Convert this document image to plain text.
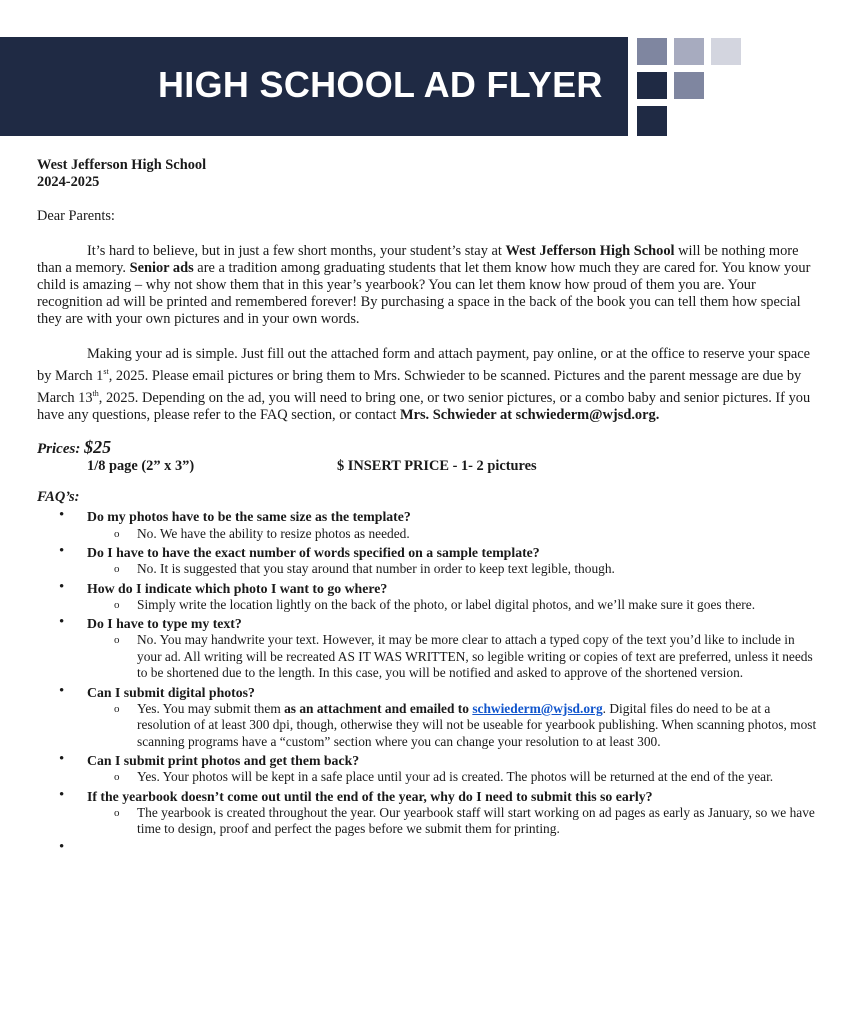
HIGH SCHOOL AD FLYER
West Jefferson High School
2024-2025

Dear Parents:

It’s hard to believe, but in just a few short months, your student’s stay at West Jefferson High School will be nothing more than a memory. Senior ads are a tradition among graduating students that let them know how much they are cared for. You know your child is amazing – why not show them that in this year’s yearbook? You can let them know how proud of them you are. Your recognition ad will be printed and remembered forever! By purchasing a space in the back of the book you can tell them how special they are with your own pictures and in your own words.

Making your ad is simple. Just fill out the attached form and attach payment, pay online, or at the office to reserve your space by March 1st, 2025. Please email pictures or bring them to Mrs. Schwieder to be scanned. Pictures and the parent message are due by March 13th, 2025. Depending on the ad, you will need to bring one, or two senior pictures, or a combo baby and senior pictures. If you have any questions, please refer to the FAQ section, or contact Mrs. Schwieder at schwiederm@wjsd.org.

Prices: $25
1/8 page (2” x 3”)	$ INSERT PRICE - 1- 2 pictures
FAQ’s:
• Do my photos have to be the same size as the template?
o No. We have the ability to resize photos as needed.
• Do I have to have the exact number of words specified on a sample template?
o No. It is suggested that you stay around that number in order to keep text legible, though.
• How do I indicate which photo I want to go where?
o Simply write the location lightly on the back of the photo, or label digital photos, and we’ll make sure it goes there.
• Do I have to type my text?
o No. You may handwrite your text. However, it may be more clear to attach a typed copy of the text you’d like to include in your ad. All writing will be recreated AS IT WAS WRITTEN, so legible writing or copies of text are preferred, unless it needs to be shortened due to the length. In this case, you will be notified and asked to approve of the shortened version.
• Can I submit digital photos?
o Yes. You may submit them as an attachment and emailed to schwiederm@wjsd.org. Digital files do need to be at a resolution of at least 300 dpi, though, otherwise they will not be useable for yearbook publishing. When scanning photos, most scanning programs have a “custom” section where you can change your resolution to at least 300.
• Can I submit print photos and get them back?
o Yes. Your photos will be kept in a safe place until your ad is created. The photos will be returned at the end of the year.
• If the yearbook doesn’t come out until the end of the year, why do I need to submit this so early?
o The yearbook is created throughout the year. Our yearbook staff will start working on ad pages as early as January, so we have time to design, proof and perfect the pages before we submit them for printing.
•
